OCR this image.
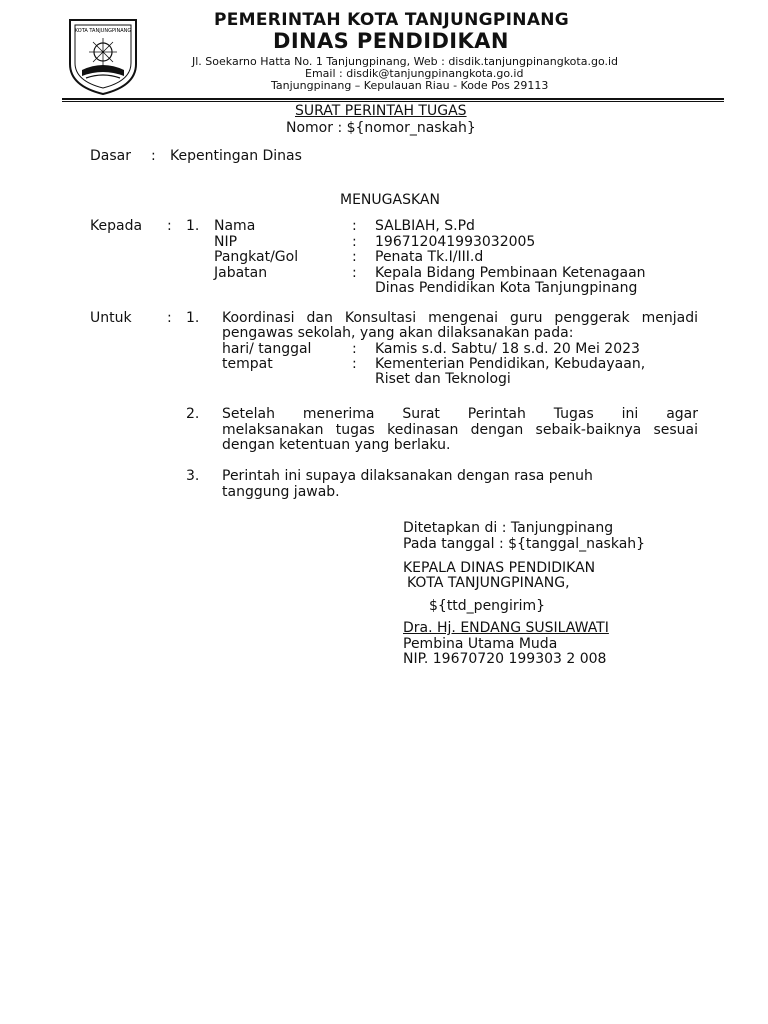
KOTA TANJUNGPINANG
PEMERINTAH KOTA TANJUNGPINANG
DINAS PENDIDIKAN
Jl. Soekarno Hatta No. 1 Tanjungpinang, Web : disdik.tanjungpinangkota.go.id
Email : disdik@tanjungpinangkota.go.id
Tanjungpinang – Kepulauan Riau - Kode Pos 29113
SURAT PERINTAH TUGAS
Nomor : ${nomor_naskah}
Dasar : Kepentingan Dinas
MENUGASKAN
Kepada : 1. Nama	: SALBIAH, S.Pd
NIP	: 196712041993032005
Pangkat/Gol	: Penata Tk.I/III.d
Jabatan	: Kepala Bidang Pembinaan Ketenagaan
Dinas Pendidikan Kota Tanjungpinang
Untuk	: 1. Koordinasi dan Konsultasi mengenai guru penggerak menjadi
pengawas sekolah, yang akan dilaksanakan pada:
hari/ tanggal	: Kamis s.d. Sabtu/ 18 s.d. 20 Mei 2023
tempat	: Kementerian Pendidikan, Kebudayaan,
Riset dan Teknologi
2. Setelah menerima Surat Perintah Tugas ini agar
melaksanakan tugas kedinasan dengan sebaik-baiknya sesuai
dengan ketentuan yang berlaku.
3. Perintah ini supaya dilaksanakan dengan rasa penuh
tanggung jawab.
Ditetapkan di : Tanjungpinang
Pada tanggal : ${tanggal_naskah}
KEPALA DINAS PENDIDIKAN
KOTA TANJUNGPINANG,
${ttd_pengirim}
Dra. Hj. ENDANG SUSILAWATI
Pembina Utama Muda
NIP. 19670720 199303 2 008
